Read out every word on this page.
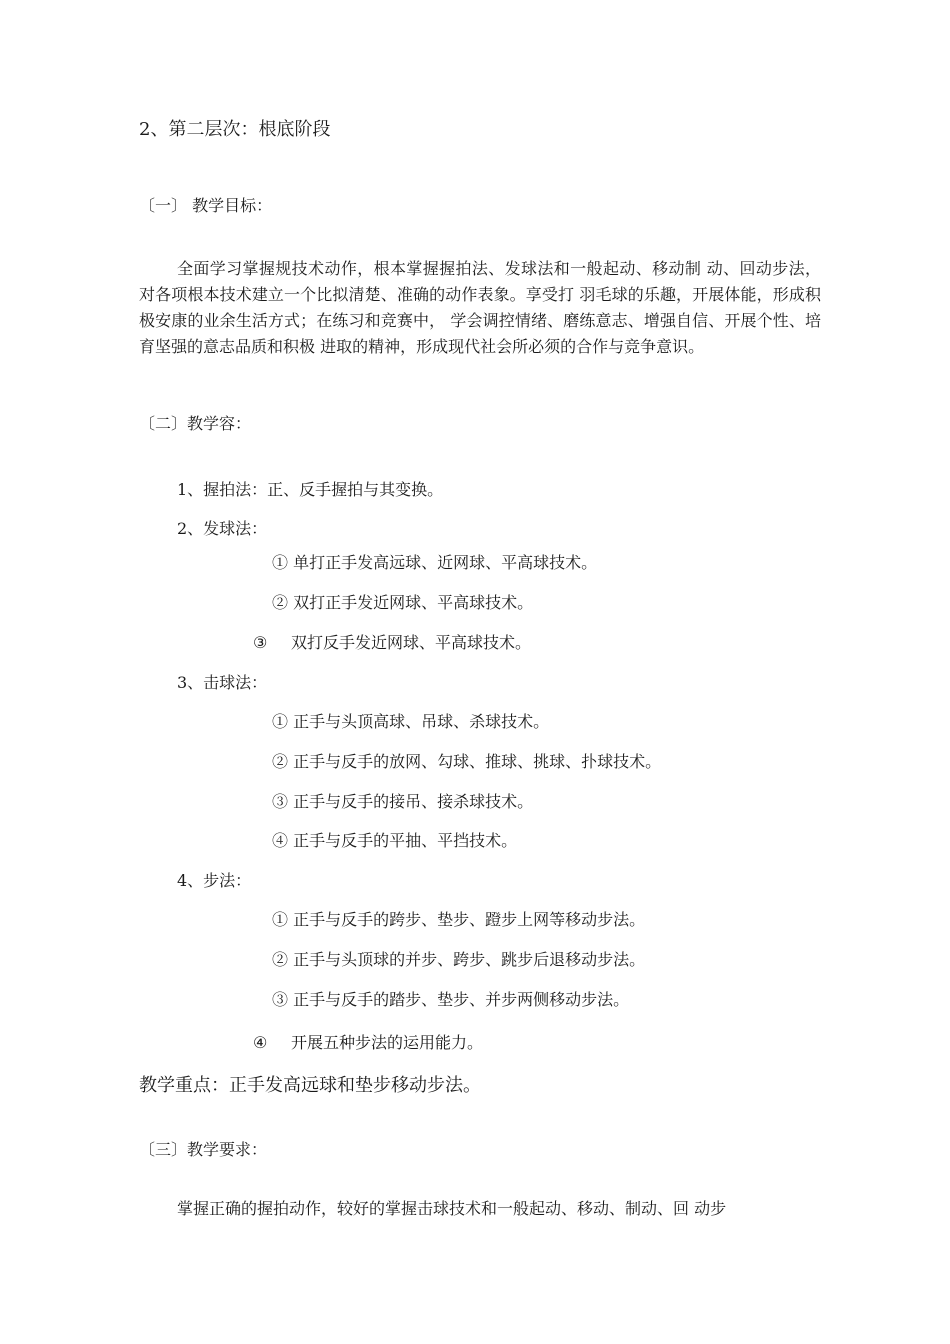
2、第二层次：根底阶段
〔一〕 教学目标：
全面学习掌握规技术动作，根本掌握握拍法、发球法和一般起动、移动制 动、回动步法，对各项根本技术建立一个比拟清楚、准确的动作表象。享受打 羽毛球的乐趣，开展体能，形成积极安康的业余生活方式；在练习和竞赛中， 学会调控情绪、磨练意志、增强自信、开展个性、培育坚强的意志品质和积极 进取的精神，形成现代社会所必须的合作与竞争意识。
〔二〕教学容：
1、握拍法：正、反手握拍与其变换。
2、发球法：
① 单打正手发高远球、近网球、平高球技术。
② 双打正手发近网球、平高球技术。
③ 双打反手发近网球、平高球技术。
3、击球法：
① 正手与头顶高球、吊球、杀球技术。
② 正手与反手的放网、勾球、推球、挑球、扑球技术。
③ 正手与反手的接吊、接杀球技术。
④ 正手与反手的平抽、平挡技术。
4、步法：
① 正手与反手的跨步、垫步、蹬步上网等移动步法。
② 正手与头顶球的并步、跨步、跳步后退移动步法。
③ 正手与反手的踏步、垫步、并步两侧移动步法。
④ 开展五种步法的运用能力。
教学重点：正手发高远球和垫步移动步法。
〔三〕教学要求：
掌握正确的握拍动作，较好的掌握击球技术和一般起动、移动、制动、回 动步
